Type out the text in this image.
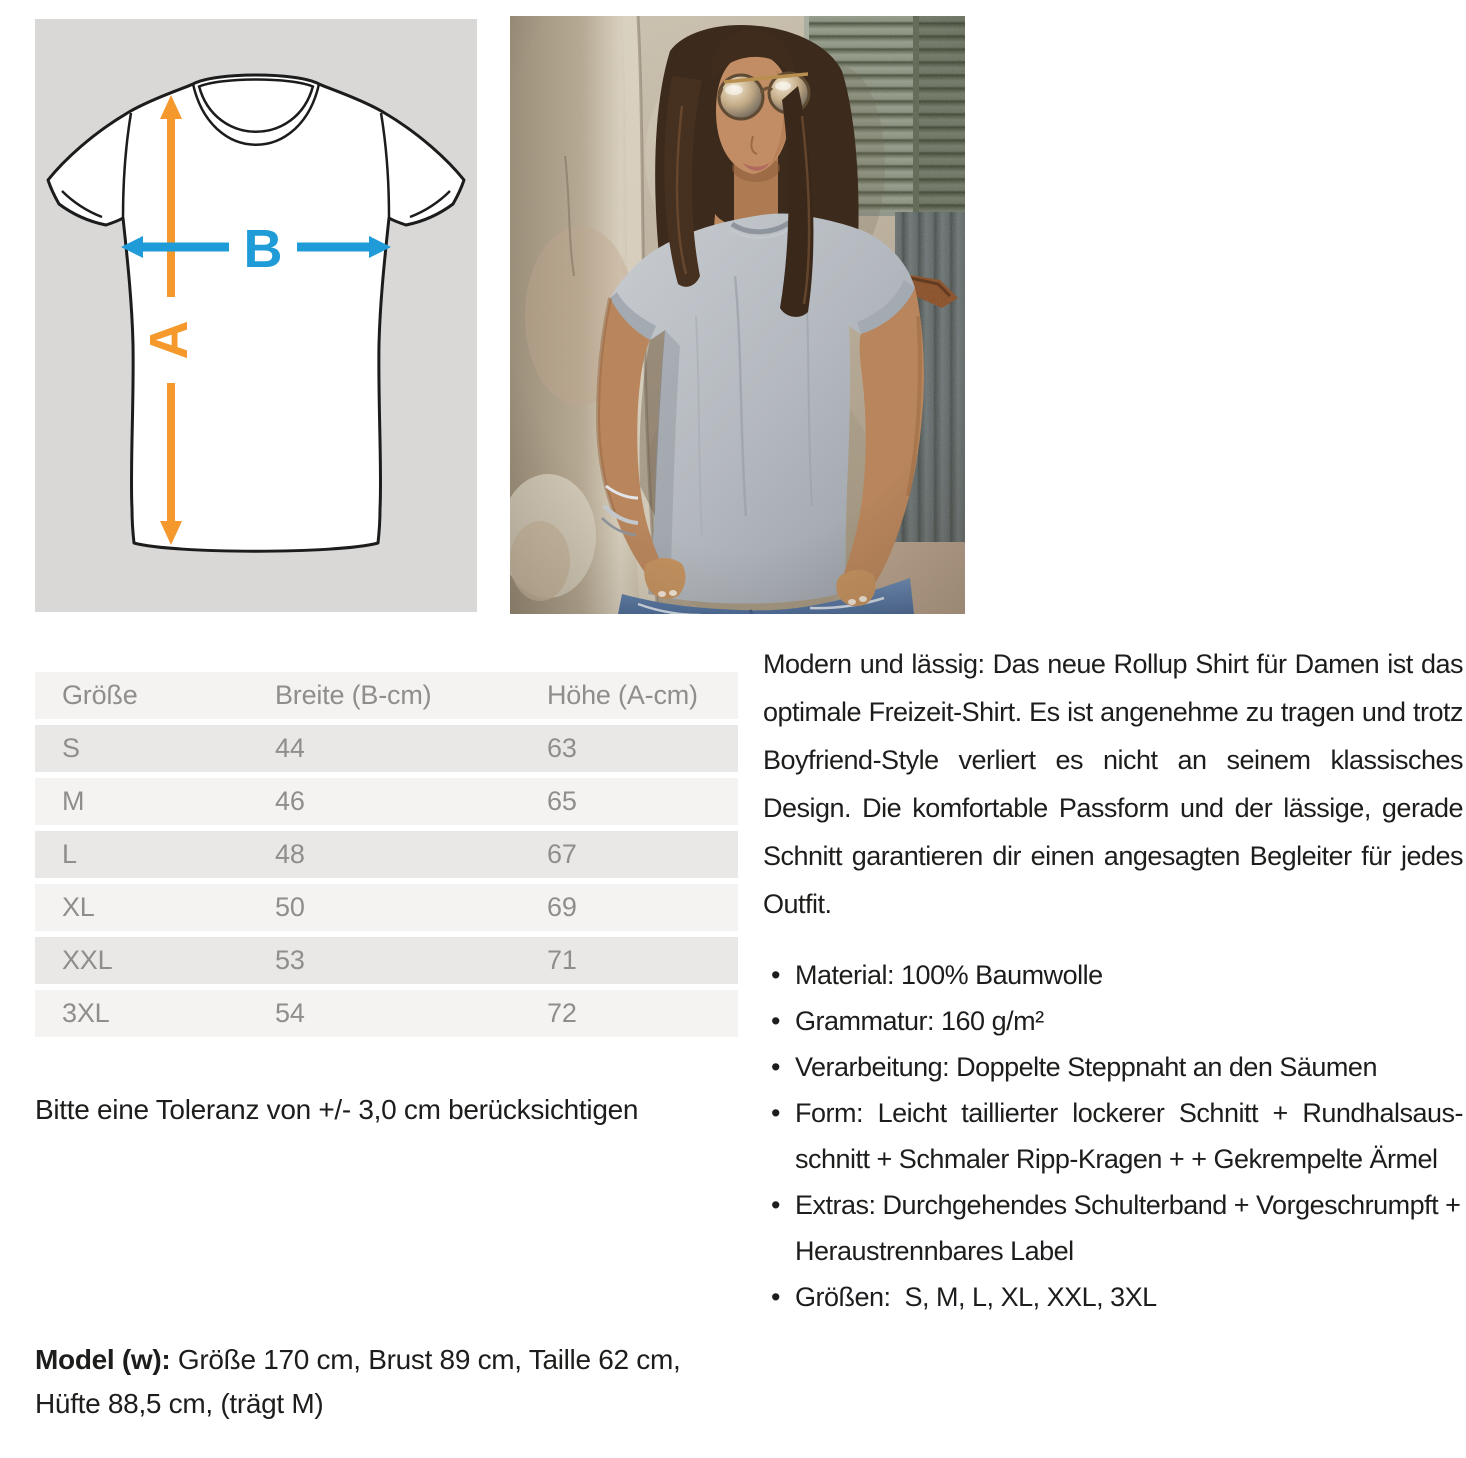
A
B
Größe	Breite (B-cm)	Höhe (A-cm)
S	44	63
M	46	65
L	48	67
XL	50	69
XXL	53	71
3XL	54	72
Bitte eine Toleranz von +/- 3,0 cm berücksichtigen

Modern und lässig: Das neue Rollup Shirt für Damen ist das optimale Freizeit-Shirt. Es ist angenehme zu tragen und trotz Boyfriend-Style verliert es nicht an seinem klassisches Design. Die komfortable Passform und der lässige, gerade Schnitt garantieren dir einen angesagten Begleiter für jedes Outfit.

• Material: 100% Baumwolle
• Grammatur: 160 g/m²
• Verarbeitung: Doppelte Steppnaht an den Säumen
• Form: Leicht taillierter lockerer Schnitt + Rundhalsaus-schnitt + Schmaler Ripp-Kragen + + Gekrempelte Ärmel
• Extras: Durchgehendes Schulterband + Vorgeschrumpft + Heraustrennbares Label
• Größen:  S, M, L, XL, XXL, 3XL
Model (w): Größe 170 cm, Brust 89 cm, Taille 62 cm, Hüfte 88,5 cm, (trägt M)
